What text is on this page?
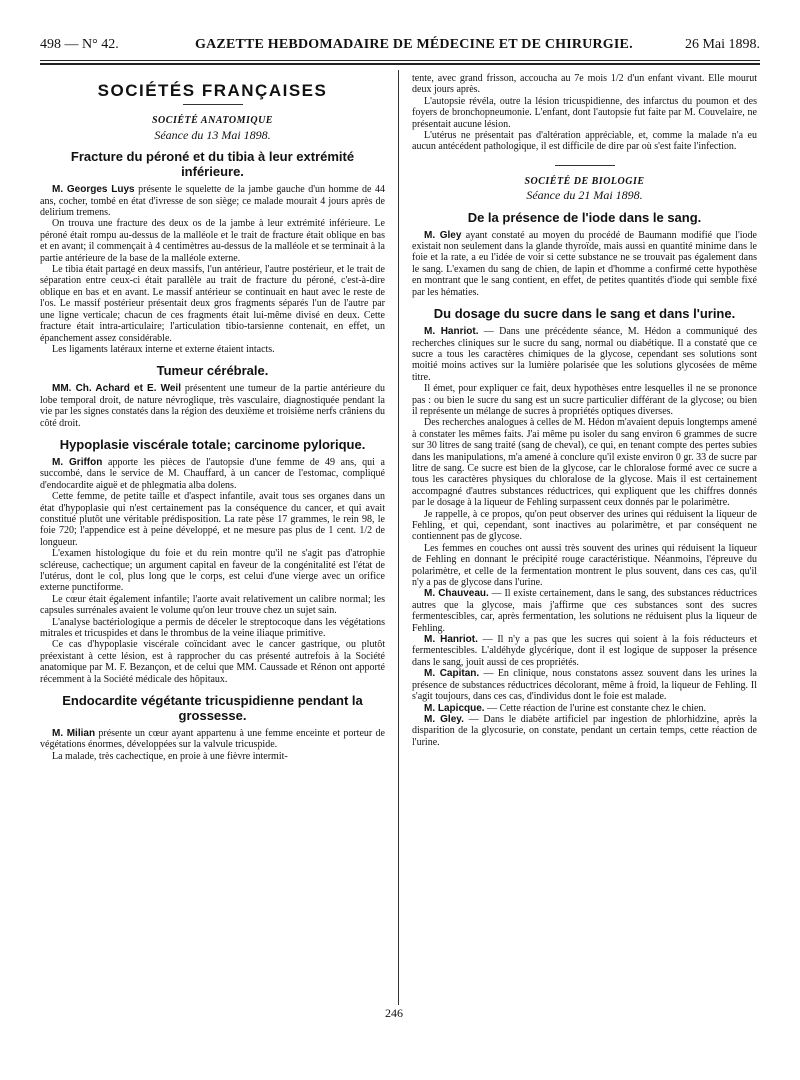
498 — N° 42.	GAZETTE HEBDOMADAIRE DE MÉDECINE ET DE CHIRURGIE.	26 Mai 1898.
SOCIÉTÉS FRANÇAISES
SOCIÉTÉ ANATOMIQUE
Séance du 13 Mai 1898.
Fracture du péroné et du tibia à leur extrémité inférieure.

M. Georges Luys présente le squelette de la jambe gauche d'un homme de 44 ans, cocher, tombé en état d'ivresse de son siège; ce malade mourait 4 jours après de delirium tremens.

On trouva une fracture des deux os de la jambe à leur extrémité inférieure. Le péroné était rompu au-dessus de la malléole et le trait de fracture était oblique en bas et en avant; il commençait à 4 centimètres au-dessus de la malléole et se terminait à la partie antérieure de la base de la malléole externe.

Le tibia était partagé en deux massifs, l'un antérieur, l'autre postérieur, et le trait de séparation entre ceux-ci était parallèle au trait de fracture du péroné, c'est-à-dire oblique en bas et en avant. Le massif antérieur se continuait en haut avec le reste de l'os. Le massif postérieur présentait deux gros fragments séparés l'un de l'autre par une ligne verticale; chacun de ces fragments était lui-même divisé en deux. Cette fracture était intra-articulaire; l'articulation tibio-tarsienne contenait, en effet, un épanchement assez considérable.

Les ligaments latéraux interne et externe étaient intacts.

Tumeur cérébrale.

MM. Ch. Achard et E. Weil présentent une tumeur de la partie antérieure du lobe temporal droit, de nature névroglique, très vasculaire, diagnostiquée pendant la vie par les signes constatés dans la région des deuxième et troisième nerfs crâniens du côté droit.

Hypoplasie viscérale totale; carcinome pylorique.

M. Griffon apporte les pièces de l'autopsie d'une femme de 49 ans, qui a succombé, dans le service de M. Chauffard, à un cancer de l'estomac, compliqué d'endocardite aiguë et de phlegmatia alba dolens.

Cette femme, de petite taille et d'aspect infantile, avait tous ses organes dans un état d'hypoplasie qui n'est certainement pas la conséquence du cancer, et qui avait constitué plutôt une véritable prédisposition. La rate pèse 17 grammes, le rein 98, le foie 720; l'appendice est à peine développé, et ne mesure pas plus de 1 cent. 1/2 de longueur.

L'examen histologique du foie et du rein montre qu'il ne s'agit pas d'atrophie scléreuse, cachectique; un argument capital en faveur de la congénitalité est l'état de l'utérus, dont le col, plus long que le corps, est celui d'une vierge avec un orifice externe punctiforme.

Le cœur était également infantile; l'aorte avait relativement un calibre normal; les capsules surrénales avaient le volume qu'on leur trouve chez un sujet sain.

L'analyse bactériologique a permis de déceler le streptocoque dans les végétations mitrales et tricuspides et dans le thrombus de la veine iliaque primitive.

Ce cas d'hypoplasie viscérale coïncidant avec le cancer gastrique, ou plutôt préexistant à cette lésion, est à rapprocher du cas présenté autrefois à la Société anatomique par M. F. Bezançon, et de celui que MM. Caussade et Rénon ont apporté récemment à la Société médicale des hôpitaux.

Endocardite végétante tricuspidienne pendant la grossesse.

M. Milian présente un cœur ayant appartenu à une femme enceinte et porteur de végétations énormes, développées sur la valvule tricuspide.

La malade, très cachectique, en proie à une fièvre intermit-

tente, avec grand frisson, accoucha au 7e mois 1/2 d'un enfant vivant. Elle mourut deux jours après.

L'autopsie révéla, outre la lésion tricuspidienne, des infarctus du poumon et des foyers de bronchopneumonie. L'enfant, dont l'autopsie fut faite par M. Couvelaire, ne présentait aucune lésion.

L'utérus ne présentait pas d'altération appréciable, et, comme la malade n'a eu aucun antécédent pathologique, il est difficile de dire par où s'est faite l'infection.

SOCIÉTÉ DE BIOLOGIE
Séance du 21 Mai 1898.
De la présence de l'iode dans le sang.

M. Gley ayant constaté au moyen du procédé de Baumann modifié que l'iode existait non seulement dans la glande thyroïde, mais aussi en quantité minime dans le foie et la rate, a eu l'idée de voir si cette substance ne se trouvait pas également dans le sang. L'examen du sang de chien, de lapin et d'homme a confirmé cette hypothèse en montrant que le sang contient, en effet, de petites quantités d'iode qui semble fixé par les hématies.

Du dosage du sucre dans le sang et dans l'urine.

M. Hanriot. — Dans une précédente séance, M. Hédon a communiqué des recherches cliniques sur le sucre du sang, normal ou diabétique. Il a constaté que ce sucre a tous les caractères chimiques de la glycose, cependant ses solutions sont moitié moins actives sur la lumière polarisée que les solutions glycosées de même titre.

Il émet, pour expliquer ce fait, deux hypothèses entre lesquelles il ne se prononce pas : ou bien le sucre du sang est un sucre particulier différant de la glycose; ou bien il représente un mélange de sucres à propriétés optiques diverses.

Des recherches analogues à celles de M. Hédon m'avaient depuis longtemps amené à constater les mêmes faits. J'ai même pu isoler du sang environ 6 grammes de sucre sur 30 litres de sang traité (sang de cheval), ce qui, en tenant compte des pertes subies dans les manipulations, m'a amené à conclure qu'il existe environ 0 gr. 33 de sucre par litre de sang. Ce sucre est bien de la glycose, car le chloralose formé avec ce sucre a tous les caractères physiques du chloralose de la glycose. Mais il est certainement accompagné d'autres substances réductrices, qui expliquent que les chiffres donnés par le dosage à la liqueur de Fehling surpassent ceux donnés par le polarimètre.

Je rappelle, à ce propos, qu'on peut observer des urines qui réduisent la liqueur de Fehling, et qui, cependant, sont inactives au polarimètre, et par conséquent ne contiennent pas de glycose.

Les femmes en couches ont aussi très souvent des urines qui réduisent la liqueur de Fehling en donnant le précipité rouge caractéristique. Néanmoins, l'épreuve du polarimètre, et celle de la fermentation montrent le plus souvent, dans ces cas, qu'il n'y a pas de glycose dans l'urine.

M. Chauveau. — Il existe certainement, dans le sang, des substances réductrices autres que la glycose, mais j'affirme que ces substances sont des sucres fermentescibles, car, après fermentation, les solutions ne réduisent plus la liqueur de Fehling.

M. Hanriot. — Il n'y a pas que les sucres qui soient à la fois réducteurs et fermentescibles. L'aldéhyde glycérique, dont il est logique de supposer la présence dans le sang, jouit aussi de ces propriétés.

M. Capitan. — En clinique, nous constatons assez souvent dans les urines la présence de substances réductrices décolorant, même à froid, la liqueur de Fehling. Il s'agit toujours, dans ces cas, d'individus dont le foie est malade.

M. Lapicque. — Cette réaction de l'urine est constante chez le chien.

M. Gley. — Dans le diabète artificiel par ingestion de phlorhidzine, après la disparition de la glycosurie, on constate, pendant un certain temps, cette réaction de l'urine.

246
